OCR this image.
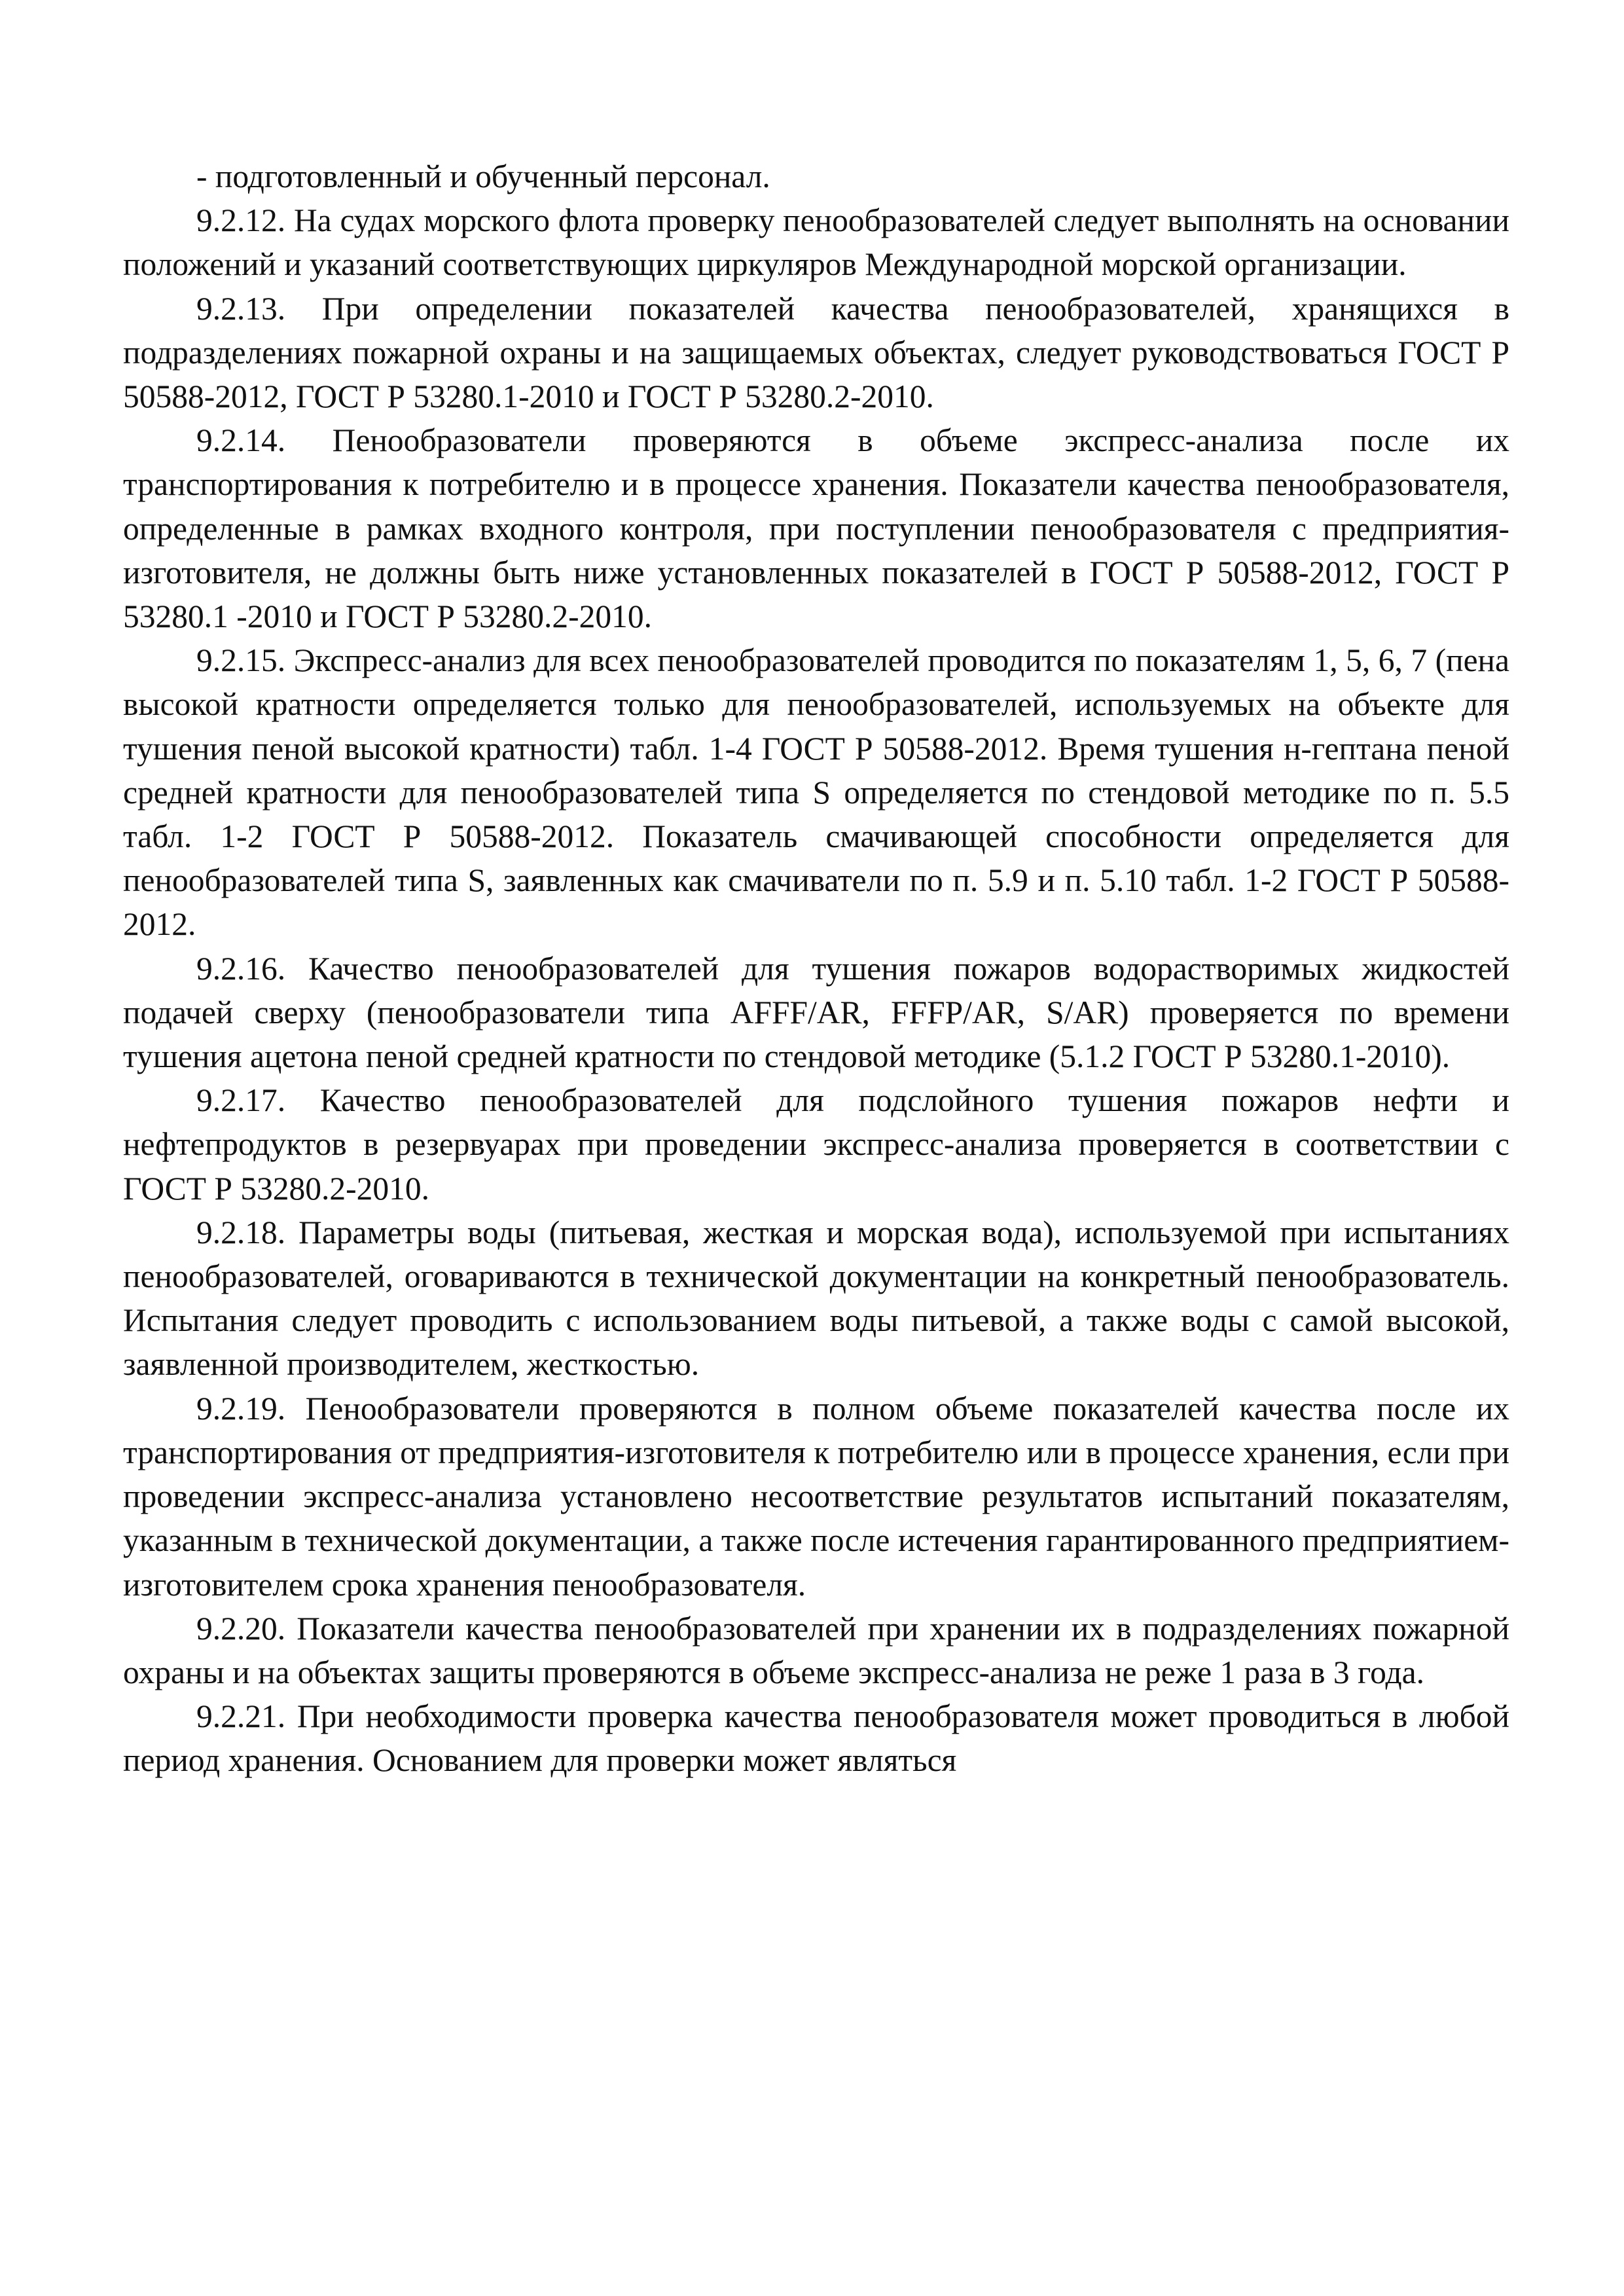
- подготовленный и обученный персонал.

9.2.12. На судах морского флота проверку пенообразователей следует выполнять на основании положений и указаний соответствующих циркуляров Международной морской организации.

9.2.13. При определении показателей качества пенообразователей, хранящихся в подразделениях пожарной охраны и на защищаемых объектах, следует руководствоваться ГОСТ Р 50588-2012, ГОСТ Р 53280.1-2010 и ГОСТ Р 53280.2-2010.

9.2.14. Пенообразователи проверяются в объеме экспресс-анализа после их транспортирования к потребителю и в процессе хранения. Показатели качества пенообразователя, определенные в рамках входного контроля, при поступлении пенообразователя с предприятия-изготовителя, не должны быть ниже установленных показателей в ГОСТ Р 50588-2012, ГОСТ Р 53280.1 -2010 и ГОСТ Р 53280.2-2010.

9.2.15. Экспресс-анализ для всех пенообразователей проводится по показателям 1, 5, 6, 7 (пена высокой кратности определяется только для пенообразователей, используемых на объекте для тушения пеной высокой кратности) табл. 1-4 ГОСТ Р 50588-2012. Время тушения н-гептана пеной средней кратности для пенообразователей типа S определяется по стендовой методике по п. 5.5 табл. 1-2 ГОСТ Р 50588-2012. Показатель смачивающей способности определяется для пенообразователей типа S, заявленных как смачиватели по п. 5.9 и п. 5.10 табл. 1-2 ГОСТ Р 50588-2012.

9.2.16. Качество пенообразователей для тушения пожаров водорастворимых жидкостей подачей сверху (пенообразователи типа AFFF/AR, FFFP/AR, S/AR) проверяется по времени тушения ацетона пеной средней кратности по стендовой методике (5.1.2 ГОСТ Р 53280.1-2010).

9.2.17. Качество пенообразователей для подслойного тушения пожаров нефти и нефтепродуктов в резервуарах при проведении экспресс-анализа проверяется в соответствии с ГОСТ Р 53280.2-2010.

9.2.18. Параметры воды (питьевая, жесткая и морская вода), используемой при испытаниях пенообразователей, оговариваются в технической документации на конкретный пенообразователь. Испытания следует проводить с использованием воды питьевой, а также воды с самой высокой, заявленной производителем, жесткостью.

9.2.19. Пенообразователи проверяются в полном объеме показателей качества после их транспортирования от предприятия-изготовителя к потребителю или в процессе хранения, если при проведении экспресс-анализа установлено несоответствие результатов испытаний показателям, указанным в технической документации, а также после истечения гарантированного предприятием-изготовителем срока хранения пенообразователя.

9.2.20. Показатели качества пенообразователей при хранении их в подразделениях пожарной охраны и на объектах защиты проверяются в объеме экспресс-анализа не реже 1 раза в 3 года.

9.2.21. При необходимости проверка качества пенообразователя может проводиться в любой период хранения. Основанием для проверки может являться
